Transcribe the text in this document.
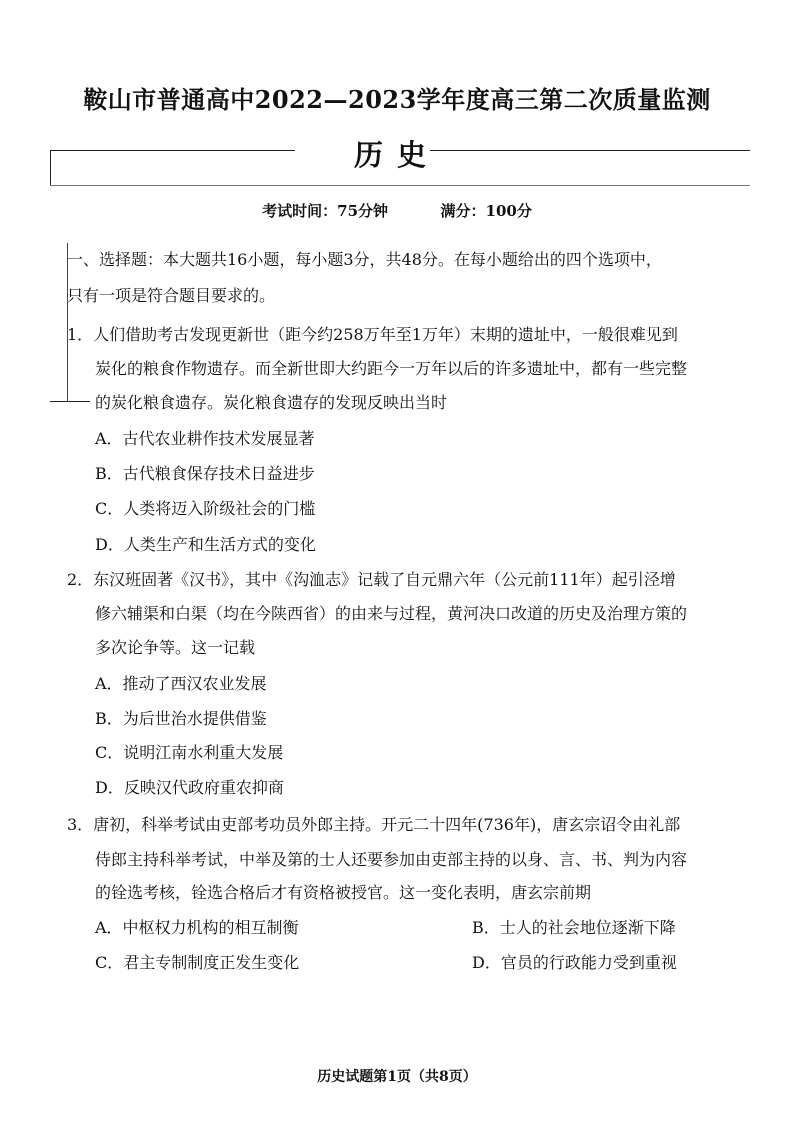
鞍山市普通高中2022—2023学年度高三第二次质量监测
历史
考试时间：75分钟	满分：100分
一、选择题：本大题共16小题，每小题3分，共48分。在每小题给出的四个选项中，
只有一项是符合题目要求的。
1．人们借助考古发现更新世（距今约258万年至1万年）末期的遗址中，一般很难见到
炭化的粮食作物遗存。而全新世即大约距今一万年以后的许多遗址中，都有一些完整
的炭化粮食遗存。炭化粮食遗存的发现反映出当时
A．古代农业耕作技术发展显著
B．古代粮食保存技术日益进步
C．人类将迈入阶级社会的门槛
D．人类生产和生活方式的变化
2．东汉班固著《汉书》，其中《沟洫志》记载了自元鼎六年（公元前111年）起引泾增
修六辅渠和白渠（均在今陕西省）的由来与过程，黄河决口改道的历史及治理方策的
多次论争等。这一记载
A．推动了西汉农业发展
B．为后世治水提供借鉴
C．说明江南水利重大发展
D．反映汉代政府重农抑商
3．唐初，科举考试由吏部考功员外郎主持。开元二十四年(736年)，唐玄宗诏令由礼部
侍郎主持科举考试，中举及第的士人还要参加由吏部主持的以身、言、书、判为内容
的铨选考核，铨选合格后才有资格被授官。这一变化表明，唐玄宗前期
A．中枢权力机构的相互制衡	B．士人的社会地位逐渐下降
C．君主专制制度正发生变化	D．官员的行政能力受到重视
历史试题第1页（共8页）
